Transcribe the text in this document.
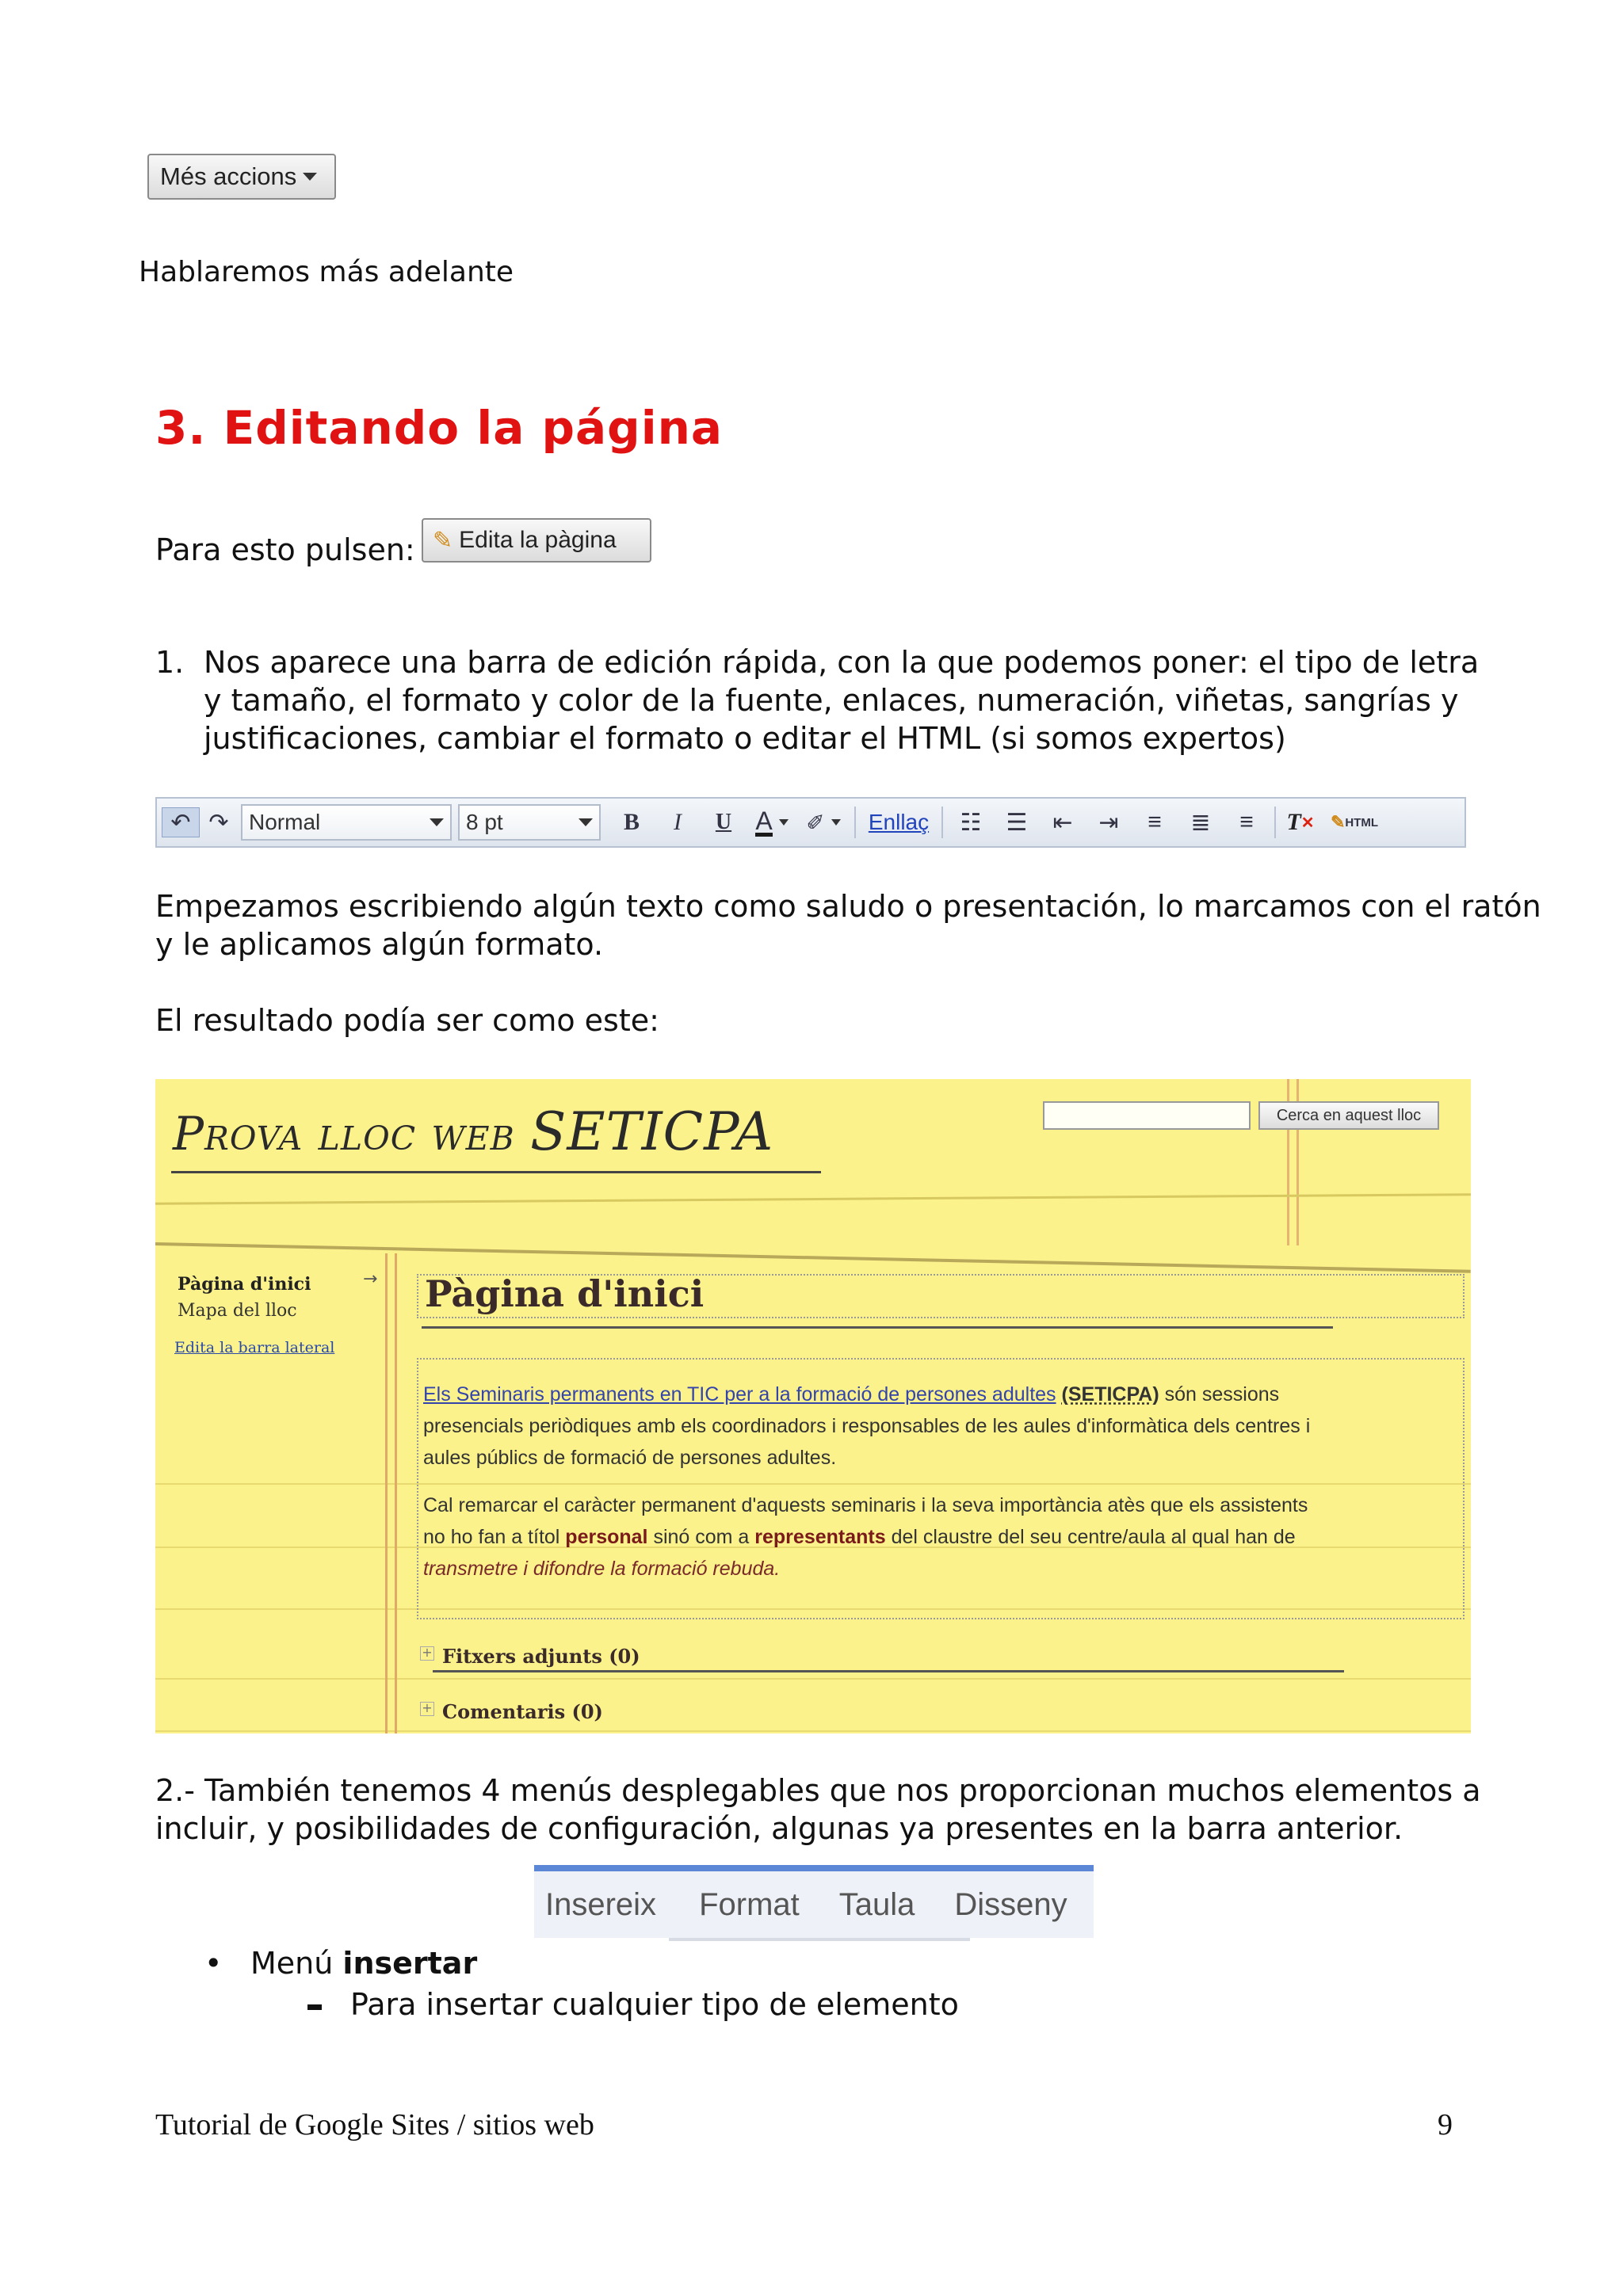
Més accions
Hablaremos más adelante
3. Editando la página
Para esto pulsen: ✎ Edita la pàgina
1. Nos aparece una barra de edición rápida, con la que podemos poner: el tipo de letra
y tamaño, el formato y color de la fuente, enlaces, numeración, viñetas, sangrías y
justificaciones, cambiar el formato o editar el HTML (si somos expertos)
↶ ↷ Normal	8 pt	B	I	U A ✐	Enllaç	☷	☰	⇤	⇥	≡	≣	≡	T ✕ ✎ HTML
Empezamos escribiendo algún texto como saludo o presentación, lo marcamos con el ratón
y le aplicamos algún formato.
El resultado podía ser como este:
Prova lloc web SETICPA	Cerca en aquest lloc
Pàgina d'inici	→
Mapa del lloc
Edita la barra lateral
Pàgina d'inici
Els Seminaris permanents en TIC per a la formació de persones adultes (SETICPA) són sessions
presencials periòdiques amb els coordinadors i responsables de les aules d'informàtica dels centres i
aules públics de formació de persones adultes.
Cal remarcar el caràcter permanent d'aquests seminaris i la seva importància atès que els assistents
no ho fan a títol personal sinó com a representants del claustre del seu centre/aula al qual han de
transmetre i difondre la formació rebuda.
+ Fitxers adjunts (0)
+ Comentaris (0)
2.- También tenemos 4 menús desplegables que nos proporcionan muchos elementos a
incluir, y posibilidades de configuración, algunas ya presentes en la barra anterior.
Insereix Format Taula Disseny
• Menú insertar
Para insertar cualquier tipo de elemento
Tutorial de Google Sites / sitios web	9
